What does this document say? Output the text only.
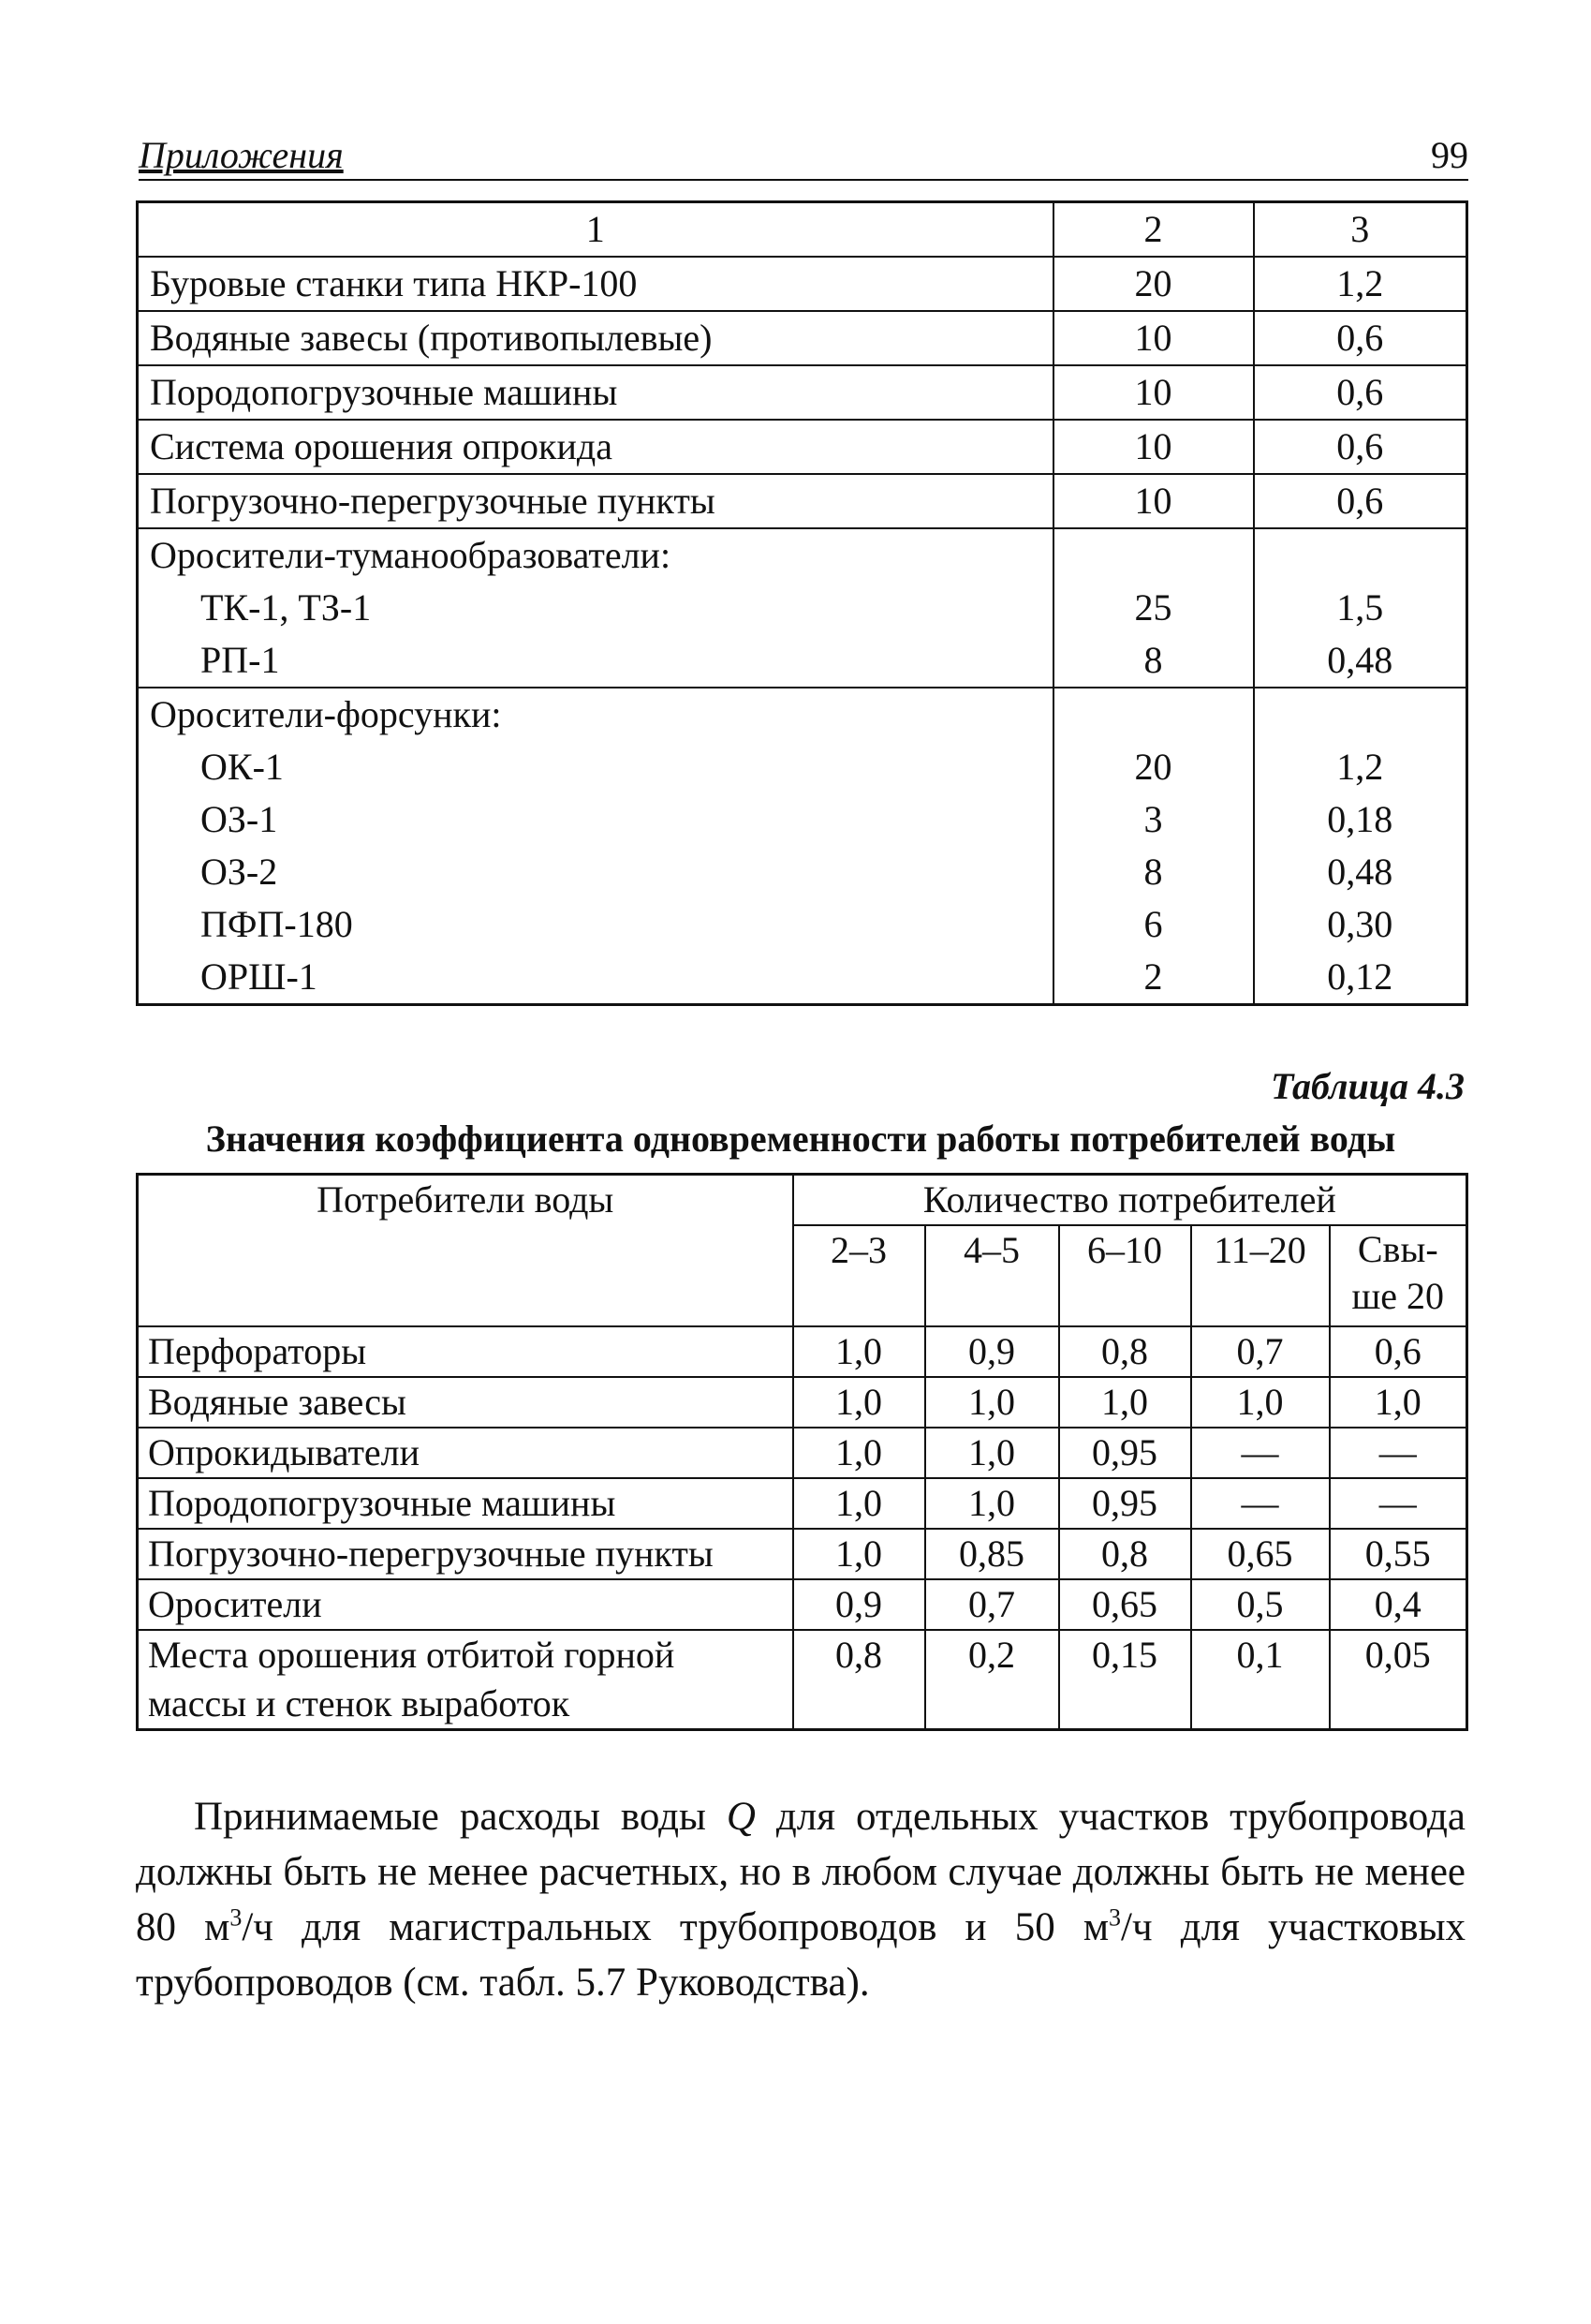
Приложения	99
1	2	3
Буровые станки типа НКР-100	20	1,2
Водяные завесы (противопылевые)	10	0,6
Породопогрузочные машины	10	0,6
Система орошения опрокида	10	0,6
Погрузочно-перегрузочные пункты	10	0,6
Оросители-туманообразователи:		
ТК-1, ТЗ-1	25	1,5
РП-1	8	0,48
Оросители-форсунки:		
ОК-1	20	1,2
ОЗ-1	3	0,18
ОЗ-2	8	0,48
ПФП-180	6	0,30
ОРШ-1	2	0,12
Таблица 4.3
Значения коэффициента одновременности работы потребителей воды
Потребители воды	Количество потребителей				
	2–3	4–5	6–10	11–20	Свы-
ше 20

Перфораторы	1,0	0,9	0,8	0,7	0,6
Водяные завесы	1,0	1,0	1,0	1,0	1,0
Опрокидыватели	1,0	1,0	0,95	—	—
Породопогрузочные машины	1,0	1,0	0,95	—	—
Погрузочно-перегрузочные пункты	1,0	0,85	0,8	0,65	0,55
Оросители	0,9	0,7	0,65	0,5	0,4

Места орошения отбитой горной
массы и стенок выработок	0,8	0,2	0,15	0,1	0,05

Принимаемые расходы воды Q для отдельных участков трубопровода должны быть не менее расчетных, но в любом случае должны быть не менее 80 $м^3/ч$ для магистральных трубопроводов и 50 $м^3/ч$ для участковых трубопроводов (см. табл. 5.7 Руководства).
